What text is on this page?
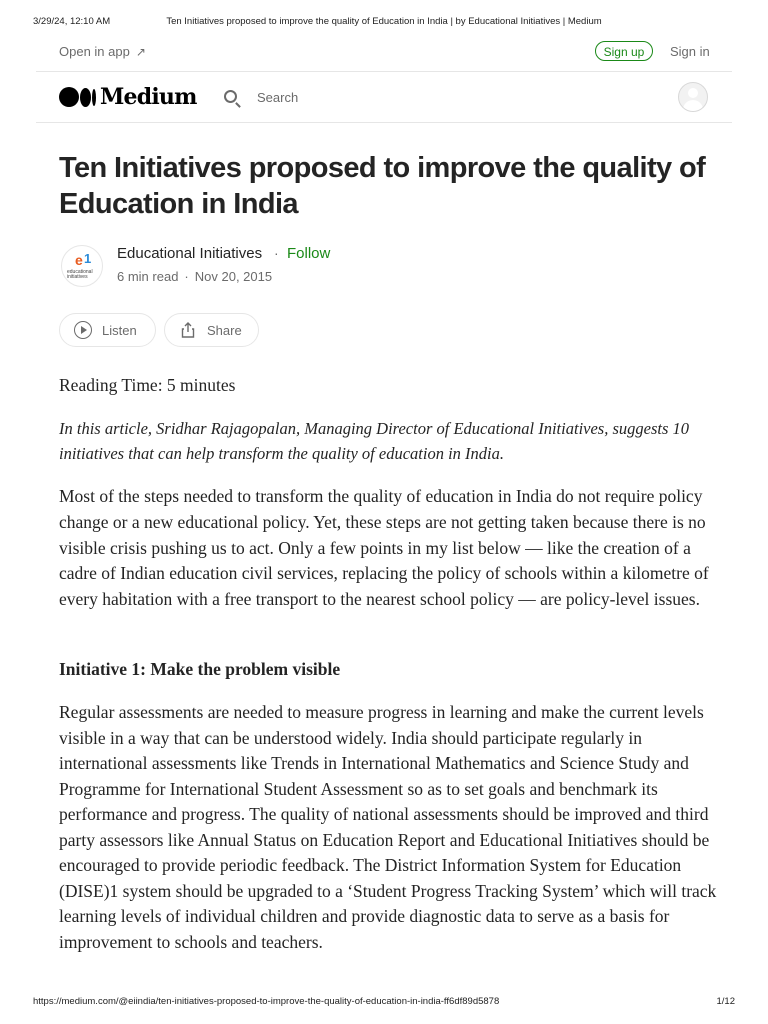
3/29/24, 12:10 AM	Ten Initiatives proposed to improve the quality of Education in India | by Educational Initiatives | Medium
Open in app ↗	Sign up	Sign in
Medium	Search
Ten Initiatives proposed to improve the quality of Education in India
e 1
educational
initiatives
Educational Initiatives · Follow
6 min read · Nov 20, 2015
Listen	Share

Reading Time: 5 minutes

In this article, Sridhar Rajagopalan, Managing Director of Educational Initiatives, suggests 10 initiatives that can help transform the quality of education in India.

Most of the steps needed to transform the quality of education in India do not require policy change or a new educational policy. Yet, these steps are not getting taken because there is no visible crisis pushing us to act. Only a few points in my list below — like the creation of a cadre of Indian education civil services, replacing the policy of schools within a kilometre of every habitation with a free transport to the nearest school policy — are policy-level issues.

Initiative 1: Make the problem visible

Regular assessments are needed to measure progress in learning and make the current levels visible in a way that can be understood widely. India should participate regularly in international assessments like Trends in International Mathematics and Science Study and Programme for International Student Assessment so as to set goals and benchmark its performance and progress. The quality of national assessments should be improved and third party assessors like Annual Status on Education Report and Educational Initiatives should be encouraged to provide periodic feedback. The District Information System for Education (DISE)1 system should be upgraded to a ‘Student Progress Tracking System’ which will track learning levels of individual children and provide diagnostic data to serve as a basis for improvement to schools and teachers.

https://medium.com/@eiindia/ten-initiatives-proposed-to-improve-the-quality-of-education-in-india-ff6df89d5878	1/12
